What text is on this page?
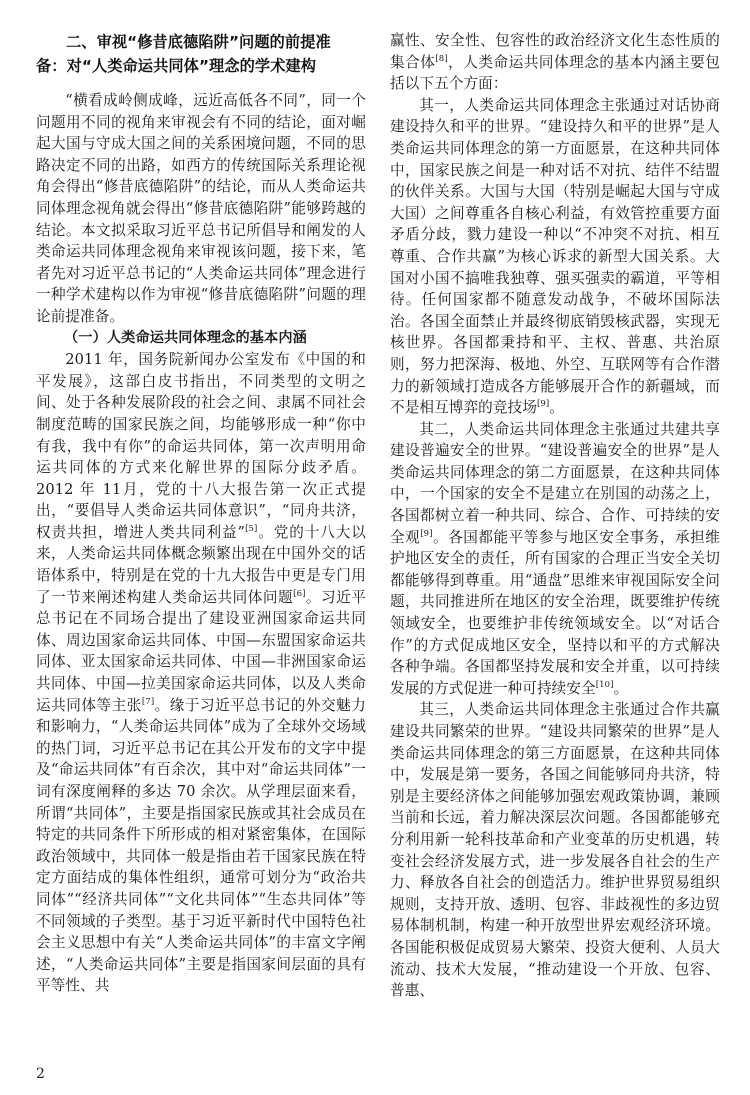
二、审视“修昔底德陷阱”问题的前提准
备：对“人类命运共同体”理念的学术建构

“横看成岭侧成峰，远近高低各不同”，同一个问题用不同的视角来审视会有不同的结论，面对崛起大国与守成大国之间的关系困境问题，不同的思路决定不同的出路，如西方的传统国际关系理论视角会得出“修昔底德陷阱”的结论，而从人类命运共同体理念视角就会得出“修昔底德陷阱”能够跨越的结论。本文拟采取习近平总书记所倡导和阐发的人类命运共同体理念视角来审视该问题，接下来，笔者先对习近平总书记的“人类命运共同体”理念进行一种学术建构以作为审视“修昔底德陷阱”问题的理论前提准备。

（一）人类命运共同体理念的基本内涵

2011 年，国务院新闻办公室发布《中国的和平发展》，这部白皮书指出，不同类型的文明之间、处于各种发展阶段的社会之间、隶属不同社会制度范畴的国家民族之间，均能够形成一种“你中有我，我中有你”的命运共同体，第一次声明用命运共同体的方式来化解世界的国际分歧矛盾。2012 年 11月，党的十八大报告第一次正式提出，“要倡导人类命运共同体意识”，“同舟共济，权责共担，增进人类共同利益”[5]。党的十八大以来，人类命运共同体概念频繁出现在中国外交的话语体系中，特别是在党的十九大报告中更是专门用了一节来阐述构建人类命运共同体问题[6]。习近平总书记在不同场合提出了建设亚洲国家命运共同体、周边国家命运共同体、中国—东盟国家命运共同体、亚太国家命运共同体、中国—非洲国家命运共同体、中国—拉美国家命运共同体，以及人类命运共同体等主张[7]。缘于习近平总书记的外交魅力和影响力，“人类命运共同体”成为了全球外交场域的热门词，习近平总书记在其公开发布的文字中提及“命运共同体”有百余次，其中对“命运共同体”一词有深度阐释的多达 70 余次。从学理层面来看，所谓“共同体”，主要是指国家民族或其社会成员在特定的共同条件下所形成的相对紧密集体，在国际政治领域中，共同体一般是指由若干国家民族在特定方面结成的集体性组织，通常可划分为“政治共同体”“经济共同体”“文化共同体”“生态共同体”等不同领域的子类型。基于习近平新时代中国特色社会主义思想中有关“人类命运共同体”的丰富文字阐述，“人类命运共同体”主要是指国家间层面的具有平等性、共

赢性、安全性、包容性的政治经济文化生态性质的集合体[8]，人类命运共同体理念的基本内涵主要包括以下五个方面：

其一，人类命运共同体理念主张通过对话协商建设持久和平的世界。“建设持久和平的世界”是人类命运共同体理念的第一方面愿景，在这种共同体中，国家民族之间是一种对话不对抗、结伴不结盟的伙伴关系。大国与大国（特别是崛起大国与守成大国）之间尊重各自核心利益，有效管控重要方面矛盾分歧，戮力建设一种以“不冲突不对抗、相互尊重、合作共赢”为核心诉求的新型大国关系。大国对小国不搞唯我独尊、强买强卖的霸道，平等相待。任何国家都不随意发动战争，不破坏国际法治。各国全面禁止并最终彻底销毁核武器，实现无核世界。各国都秉持和平、主权、普惠、共治原则，努力把深海、极地、外空、互联网等有合作潜力的新领域打造成各方能够展开合作的新疆域，而不是相互博弈的竞技场[9]。

其二，人类命运共同体理念主张通过共建共享建设普遍安全的世界。“建设普遍安全的世界”是人类命运共同体理念的第二方面愿景，在这种共同体中，一个国家的安全不是建立在别国的动荡之上，各国都树立着一种共同、综合、合作、可持续的安全观[9]。各国都能平等参与地区安全事务，承担维护地区安全的责任，所有国家的合理正当安全关切都能够得到尊重。用“通盘”思维来审视国际安全问题，共同推进所在地区的安全治理，既要维护传统领域安全，也要维护非传统领域安全。以“对话合作”的方式促成地区安全，坚持以和平的方式解决各种争端。各国都坚持发展和安全并重，以可持续发展的方式促进一种可持续安全[10]。

其三，人类命运共同体理念主张通过合作共赢建设共同繁荣的世界。“建设共同繁荣的世界”是人类命运共同体理念的第三方面愿景，在这种共同体中，发展是第一要务，各国之间能够同舟共济，特别是主要经济体之间能够加强宏观政策协调，兼顾当前和长远，着力解决深层次问题。各国都能够充分利用新一轮科技革命和产业变革的历史机遇，转变社会经济发展方式，进一步发展各自社会的生产力、释放各自社会的创造活力。维护世界贸易组织规则，支持开放、透明、包容、非歧视性的多边贸易体制机制，构建一种开放型世界宏观经济环境。各国能积极促成贸易大繁荣、投资大便利、人员大流动、技术大发展，“推动建设一个开放、包容、普惠、

2
